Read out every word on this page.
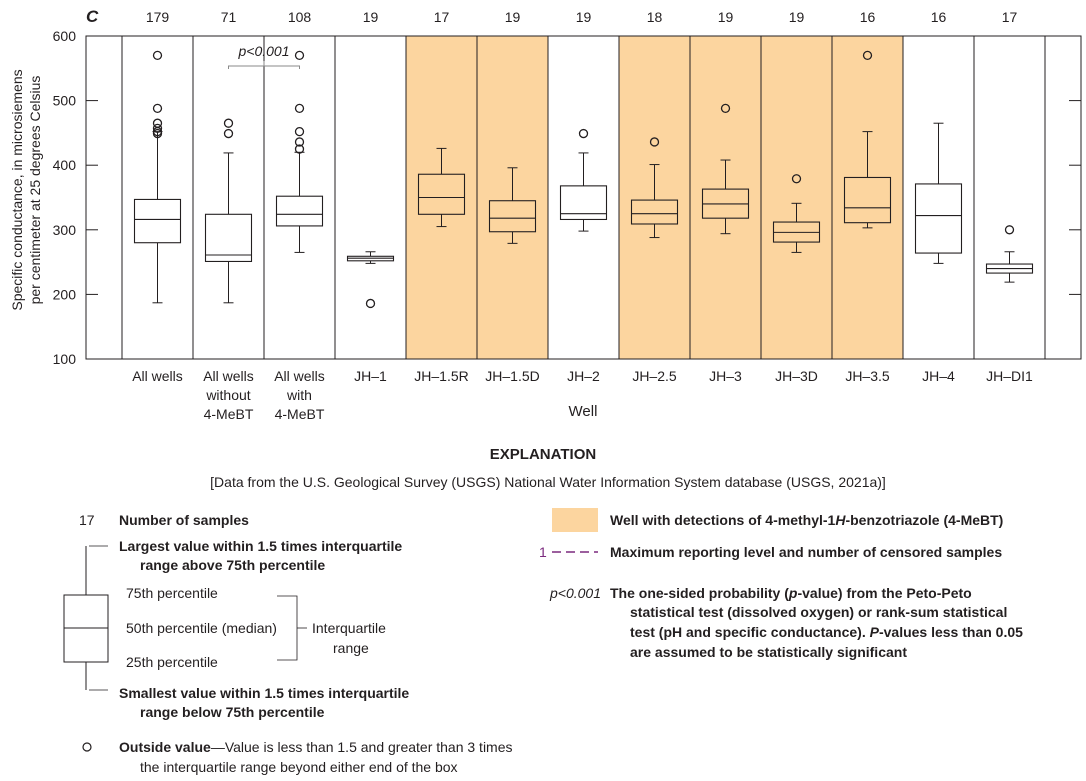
100
200
300
400
500
600
179	71	108	19	17	19	19	18	19	19	16	16	17
All wells All wells
without
4-MeBT
All wells
with
4-MeBT
JH–1 JH–1.5R JH–1.5D JH–2 JH–2.5 JH–3 JH–3D JH–3.5 JH–4 JH–DI1
p<0.001
C
Specific conductance, in microsiemens per centimeter at 25 degrees Celsius
Well
EXPLANATION
[Data from the U.S. Geological Survey (USGS) National Water Information System database (USGS, 2021a)]
17 Number of samples
Largest value within 1.5 times interquartile
range above 75th percentile
75th percentile
50th percentile (median)
25th percentile
Interquartile
range
Smallest value within 1.5 times interquartile
range below 75th percentile
Outside value—Value is less than 1.5 and greater than 3 times
the interquartile range beyond either end of the box
Well with detections of 4-methyl-1H-benzotriazole (4-MeBT)
1	Maximum reporting level and number of censored samples
p<0.001 The one-sided probability (p-value) from the Peto-Peto
statistical test (dissolved oxygen) or rank-sum statistical
test (pH and specific conductance). P-values less than 0.05
are assumed to be statistically significant
